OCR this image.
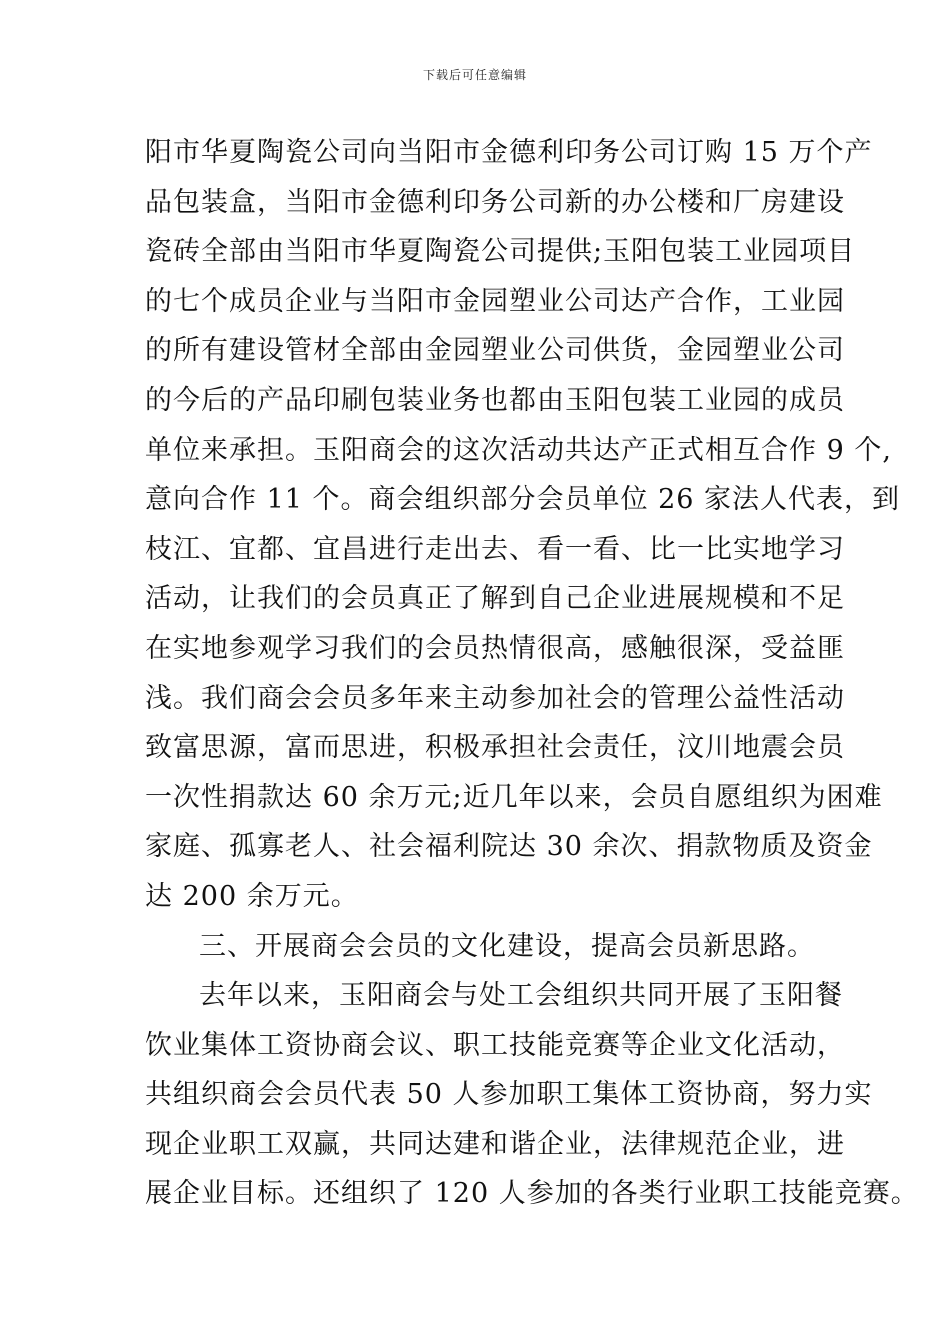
下载后可任意编辑
阳市华夏陶瓷公司向当阳市金德利印务公司订购 15 万个产
品包装盒，当阳市金德利印务公司新的办公楼和厂房建设
瓷砖全部由当阳市华夏陶瓷公司提供;玉阳包装工业园项目
的七个成员企业与当阳市金园塑业公司达产合作，工业园
的所有建设管材全部由金园塑业公司供货，金园塑业公司
的今后的产品印刷包装业务也都由玉阳包装工业园的成员
单位来承担。玉阳商会的这次活动共达产正式相互合作 9 个,
意向合作 11 个。商会组织部分会员单位 26 家法人代表，到
枝江、宜都、宜昌进行走出去、看一看、比一比实地学习
活动，让我们的会员真正了解到自己企业进展规模和不足
在实地参观学习我们的会员热情很高，感触很深，受益匪
浅。我们商会会员多年来主动参加社会的管理公益性活动
致富思源，富而思进，积极承担社会责任，汶川地震会员
一次性捐款达 60 余万元;近几年以来，会员自愿组织为困难
家庭、孤寡老人、社会福利院达 30 余次、捐款物质及资金
达 200 余万元。
三、开展商会会员的文化建设，提高会员新思路。
去年以来，玉阳商会与处工会组织共同开展了玉阳餐
饮业集体工资协商会议、职工技能竞赛等企业文化活动，
共组织商会会员代表 50 人参加职工集体工资协商，努力实
现企业职工双赢，共同达建和谐企业，法律规范企业，进
展企业目标。还组织了 120 人参加的各类行业职工技能竞赛。
